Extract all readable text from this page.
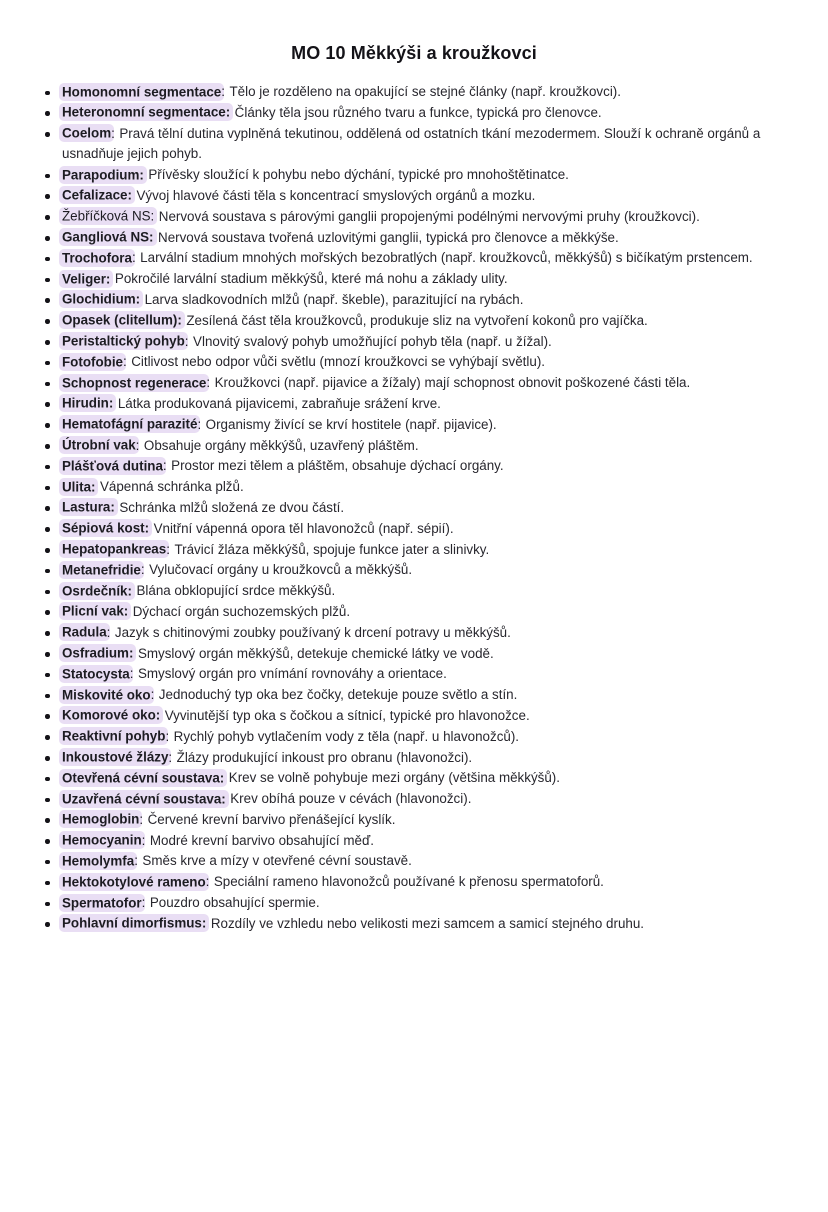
MO 10 Měkkýši a kroužkovci
Homonomní segmentace: Tělo je rozděleno na opakující se stejné články (např. kroužkovci).
Heteronomní segmentace: Články těla jsou různého tvaru a funkce, typická pro členovce.
Coelom: Pravá tělní dutina vyplněná tekutinou, oddělená od ostatních tkání mezodermem. Slouží k ochraně orgánů a usnadňuje jejich pohyb.
Parapodium: Přívěsky sloužící k pohybu nebo dýchání, typické pro mnohoštětinatce.
Cefalizace: Vývoj hlavové části těla s koncentrací smyslových orgánů a mozku.
Žebříčková NS: Nervová soustava s párovými ganglii propojenými podélnými nervovými pruhy (kroužkovci).
Gangliová NS: Nervová soustava tvořená uzlovitými ganglii, typická pro členovce a měkkýše.
Trochofora: Larvální stadium mnohých mořských bezobratlých (např. kroužkovců, měkkýšů) s bičíkatým prstencem.
Veliger: Pokročilé larvální stadium měkkýšů, které má nohu a základy ulity.
Glochidium: Larva sladkovodních mlžů (např. škeble), parazitující na rybách.
Opasek (clitellum): Zesílená část těla kroužkovců, produkuje sliz na vytvoření kokonů pro vajíčka.
Peristaltický pohyb: Vlnovitý svalový pohyb umožňující pohyb těla (např. u žížal).
Fotofobie: Citlivost nebo odpor vůči světlu (mnozí kroužkovci se vyhýbají světlu).
Schopnost regenerace: Kroužkovci (např. pijavice a žížaly) mají schopnost obnovit poškozené části těla.
Hirudin: Látka produkovaná pijavicemi, zabraňuje srážení krve.
Hematofágní parazité: Organismy živící se krví hostitele (např. pijavice).
Útrobní vak: Obsahuje orgány měkkýšů, uzavřený pláštěm.
Plášťová dutina: Prostor mezi tělem a pláštěm, obsahuje dýchací orgány.
Ulita: Vápenná schránka plžů.
Lastura: Schránka mlžů složená ze dvou částí.
Sépiová kost: Vnitřní vápenná opora těl hlavonožců (např. sépií).
Hepatopankreas: Trávicí žláza měkkýšů, spojuje funkce jater a slinivky.
Metanefridie: Vylučovací orgány u kroužkovců a měkkýšů.
Osrdečník: Blána obklopující srdce měkkýšů.
Plicní vak: Dýchací orgán suchozemských plžů.
Radula: Jazyk s chitinovými zoubky používaný k drcení potravy u měkkýšů.
Osfradium: Smyslový orgán měkkýšů, detekuje chemické látky ve vodě.
Statocysta: Smyslový orgán pro vnímání rovnováhy a orientace.
Miskovité oko: Jednoduchý typ oka bez čočky, detekuje pouze světlo a stín.
Komorové oko: Vyvinutější typ oka s čočkou a sítnicí, typické pro hlavonožce.
Reaktivní pohyb: Rychlý pohyb vytlačením vody z těla (např. u hlavonožců).
Inkoustové žlázy: Žlázy produkující inkoust pro obranu (hlavonožci).
Otevřená cévní soustava: Krev se volně pohybuje mezi orgány (většina měkkýšů).
Uzavřená cévní soustava: Krev obíhá pouze v cévách (hlavonožci).
Hemoglobin: Červené krevní barvivo přenášející kyslík.
Hemocyanin: Modré krevní barvivo obsahující měď.
Hemolymfa: Směs krve a mízy v otevřené cévní soustavě.
Hektokotylové rameno: Speciální rameno hlavonožců používané k přenosu spermatoforů.
Spermatofor: Pouzdro obsahující spermie.
Pohlavní dimorfismus: Rozdíly ve vzhledu nebo velikosti mezi samcem a samicí stejného druhu.
